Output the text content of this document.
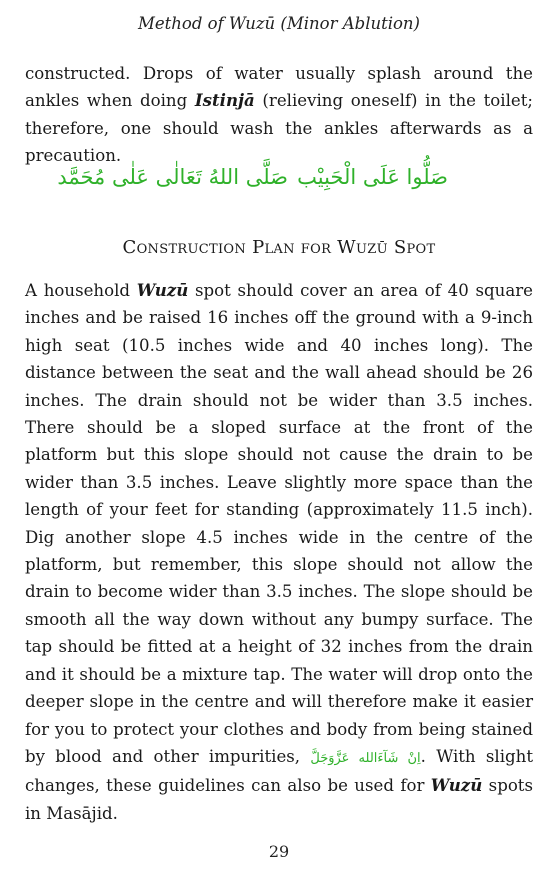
Method of Wuzū (Minor Ablution)

constructed. Drops of water usually splash around the ankles when doing Istinjā (relieving oneself) in the toilet; therefore, one should wash the ankles afterwards as a precaution.

صَلُّوا عَلَى الْحَبِيْب
صَلَّى اللهُ تَعَالٰى عَلٰى مُحَمَّد
Construction Plan for Wuzū Spot

A household Wuzū spot should cover an area of 40 square inches and be raised 16 inches off the ground with a 9-inch high seat (10.5 inches wide and 40 inches long). The distance between the seat and the wall ahead should be 26 inches. The drain should not be wider than 3.5 inches. There should be a sloped surface at the front of the platform but this slope should not cause the drain to be wider than 3.5 inches. Leave slightly more space than the length of your feet for standing (approximately 11.5 inch). Dig another slope 4.5 inches wide in the centre of the platform, but remember, this slope should not allow the drain to become wider than 3.5 inches. The slope should be smooth all the way down without any bumpy surface. The tap should be fitted at a height of 32 inches from the drain and it should be a mixture tap. The water will drop onto the deeper slope in the centre and will therefore make it easier for you to protect your clothes and body from being stained by blood and other impurities, اِنْ شَآءَالله عَزَّوَجَلَّ. With slight changes, these guidelines can also be used for Wuzū spots in Masājid.

29
